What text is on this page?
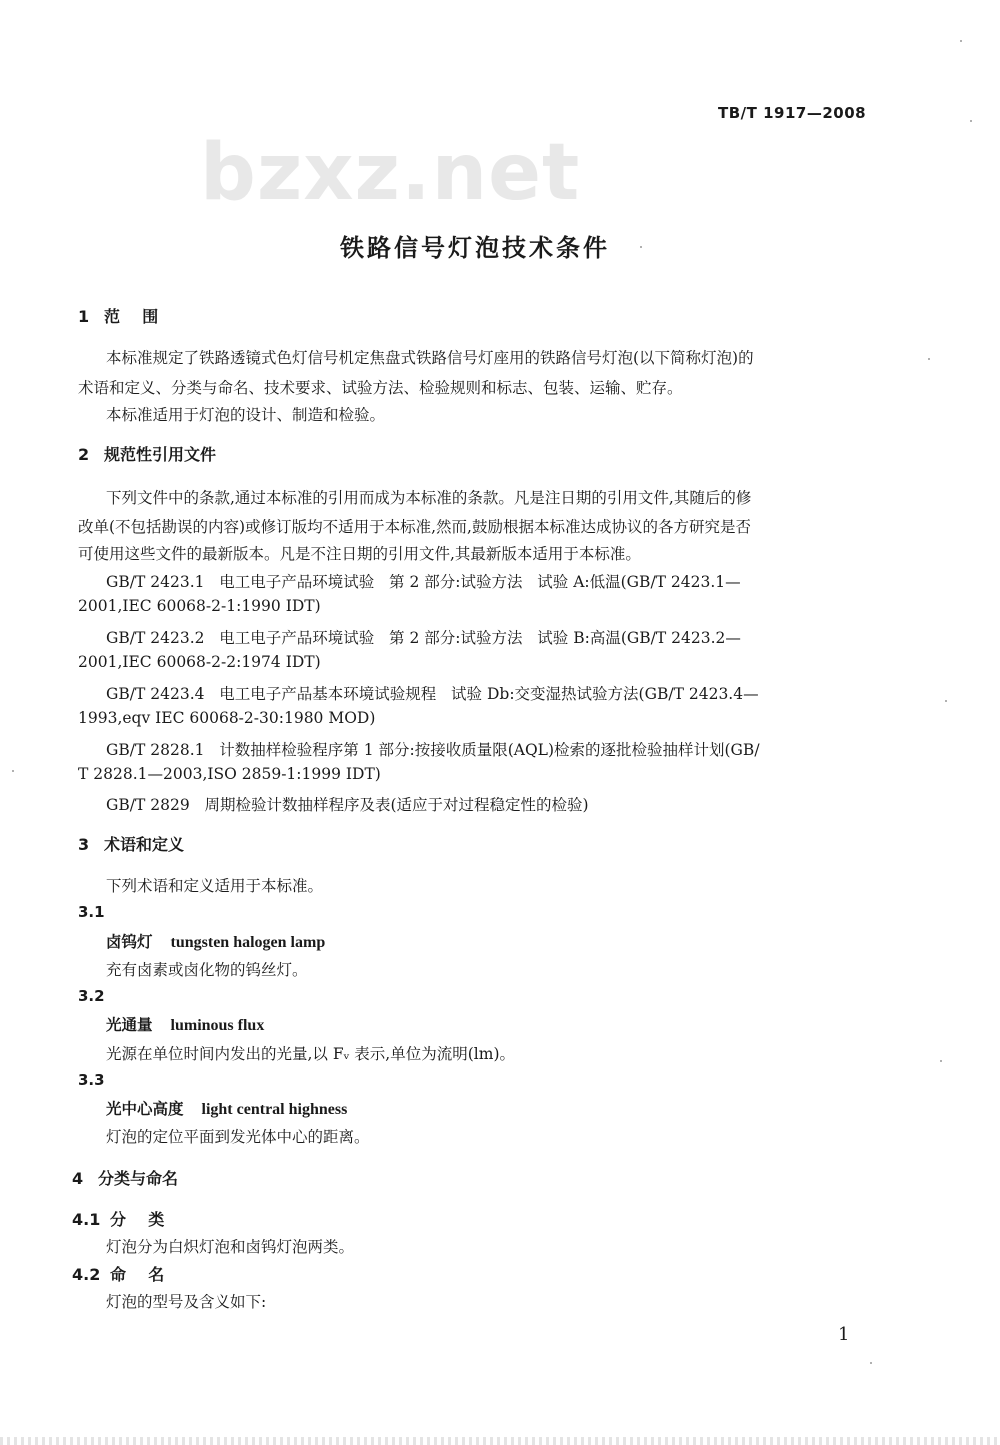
TB/T 1917—2008
bzxz.net
铁路信号灯泡技术条件
1 范    围
本标准规定了铁路透镜式色灯信号机定焦盘式铁路信号灯座用的铁路信号灯泡(以下简称灯泡)的
术语和定义、分类与命名、技术要求、试验方法、检验规则和标志、包装、运输、贮存。
本标准适用于灯泡的设计、制造和检验。
2 规范性引用文件
下列文件中的条款,通过本标准的引用而成为本标准的条款。凡是注日期的引用文件,其随后的修
改单(不包括勘误的内容)或修订版均不适用于本标准,然而,鼓励根据本标准达成协议的各方研究是否
可使用这些文件的最新版本。凡是不注日期的引用文件,其最新版本适用于本标准。
GB/T 2423.1   电工电子产品环境试验   第 2 部分:试验方法   试验 A:低温(GB/T 2423.1—
2001,IEC 60068-2-1:1990 IDT)
GB/T 2423.2   电工电子产品环境试验   第 2 部分:试验方法   试验 B:高温(GB/T 2423.2—
2001,IEC 60068-2-2:1974 IDT)
GB/T 2423.4   电工电子产品基本环境试验规程   试验 Db:交变湿热试验方法(GB/T 2423.4—
1993,eqv IEC 60068-2-30:1980 MOD)
GB/T 2828.1   计数抽样检验程序第 1 部分:按接收质量限(AQL)检索的逐批检验抽样计划(GB/
T 2828.1—2003,ISO 2859-1:1999 IDT)
GB/T 2829   周期检验计数抽样程序及表(适应于对过程稳定性的检验)
3 术语和定义
下列术语和定义适用于本标准。
3.1
卤钨灯 tungsten halogen lamp
充有卤素或卤化物的钨丝灯。
3.2
光通量 luminous flux
光源在单位时间内发出的光量,以 Fᵥ 表示,单位为流明(lm)。
3.3
光中心高度 light central highness
灯泡的定位平面到发光体中心的距离。
4 分类与命名
4.1 分    类
灯泡分为白炽灯泡和卤钨灯泡两类。
4.2 命    名
灯泡的型号及含义如下:
1
